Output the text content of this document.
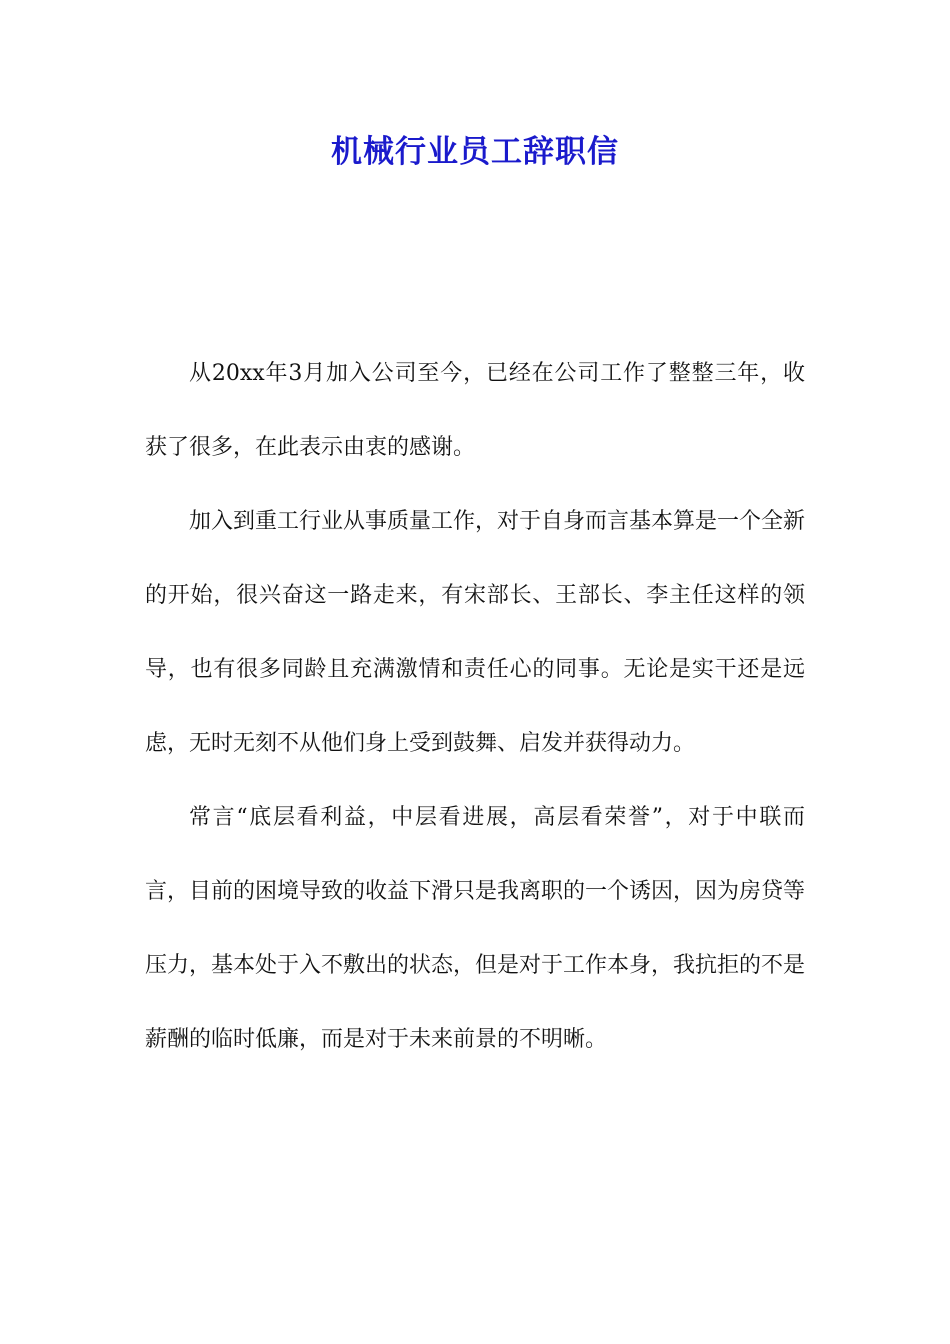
机械行业员工辞职信

从20xx年3月加入公司至今，已经在公司工作了整整三年，收获了很多，在此表示由衷的感谢。

加入到重工行业从事质量工作，对于自身而言基本算是一个全新的开始，很兴奋这一路走来，有宋部长、王部长、李主任这样的领导，也有很多同龄且充满激情和责任心的同事。无论是实干还是远虑，无时无刻不从他们身上受到鼓舞、启发并获得动力。

常言“底层看利益，中层看进展，高层看荣誉”，对于中联而言，目前的困境导致的收益下滑只是我离职的一个诱因，因为房贷等压力，基本处于入不敷出的状态，但是对于工作本身，我抗拒的不是薪酬的临时低廉，而是对于未来前景的不明晰。
